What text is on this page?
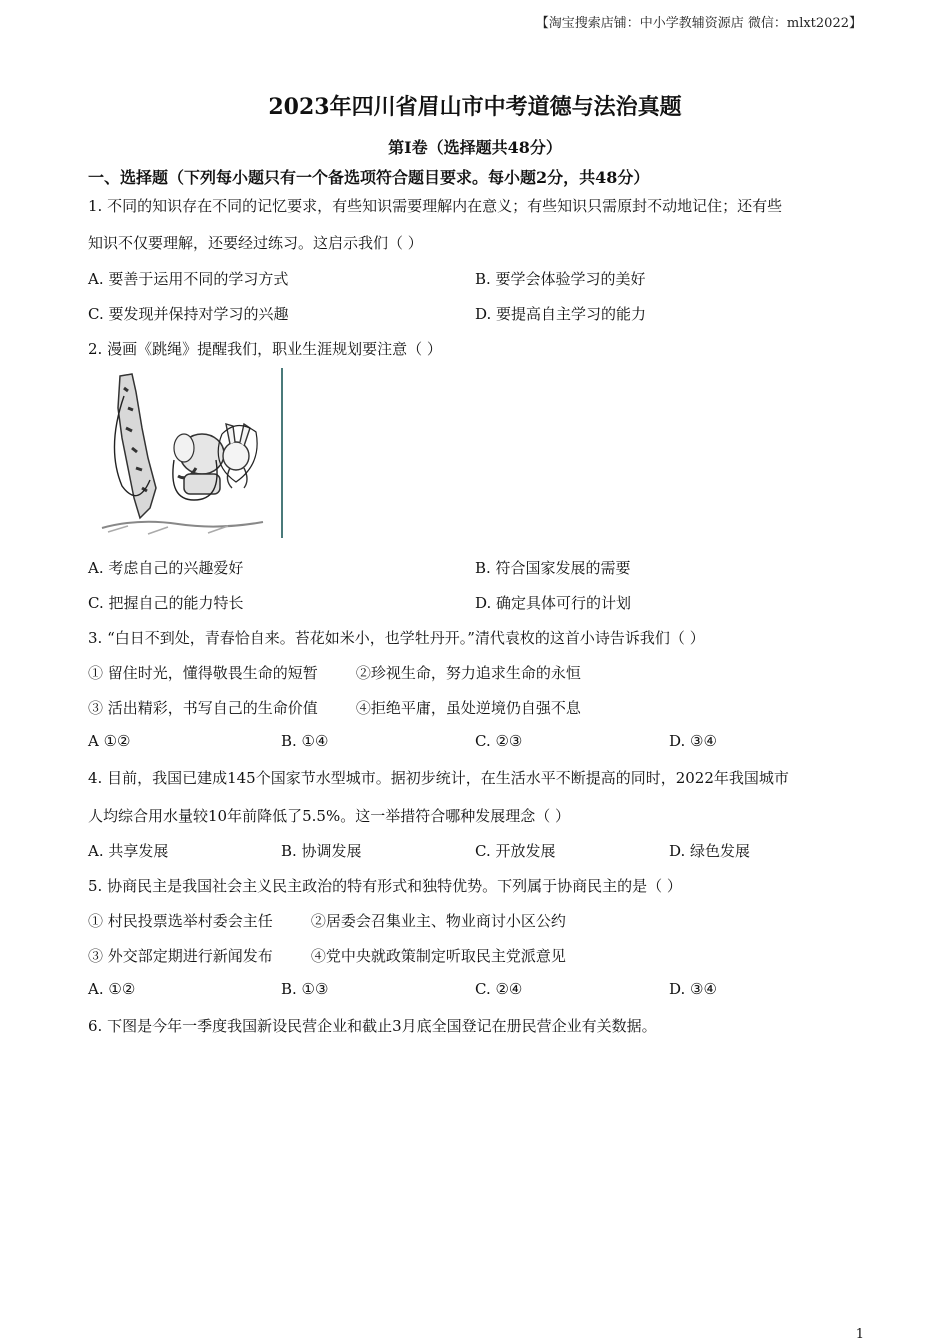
【淘宝搜索店铺：中小学教辅资源店 微信：mlxt2022】
2023年四川省眉山市中考道德与法治真题
第I卷（选择题共48分）
一、选择题（下列每小题只有一个备选项符合题目要求。每小题2分，共48分）
1. 不同的知识存在不同的记忆要求，有些知识需要理解内在意义；有些知识只需原封不动地记住；还有些
知识不仅要理解，还要经过练习。这启示我们（ ）
A. 要善于运用不同的学习方式	B. 要学会体验学习的美好
C. 要发现并保持对学习的兴趣	D. 要提高自主学习的能力
2. 漫画《跳绳》提醒我们，职业生涯规划要注意（ ）
A. 考虑自己的兴趣爱好	B. 符合国家发展的需要
C. 把握自己的能力特长	D. 确定具体可行的计划
3. “白日不到处，青春恰自来。苔花如米小，也学牡丹开。”清代袁枚的这首小诗告诉我们（ ）
① 留住时光，懂得敬畏生命的短暂        ②珍视生命，努力追求生命的永恒
③ 活出精彩，书写自己的生命价值        ④拒绝平庸，虽处逆境仍自强不息
A ①②	B. ①④	C. ②③	D. ③④
4. 目前，我国已建成145个国家节水型城市。据初步统计，在生活水平不断提高的同时，2022年我国城市
人均综合用水量较10年前降低了5.5%。这一举措符合哪种发展理念（ ）
A. 共享发展	B. 协调发展	C. 开放发展	D. 绿色发展
5. 协商民主是我国社会主义民主政治的特有形式和独特优势。下列属于协商民主的是（ ）
① 村民投票选举村委会主任        ②居委会召集业主、物业商讨小区公约
③ 外交部定期进行新闻发布        ④党中央就政策制定听取民主党派意见
A. ①②	B. ①③	C. ②④	D. ③④
6. 下图是今年一季度我国新设民营企业和截止3月底全国登记在册民营企业有关数据。
1
